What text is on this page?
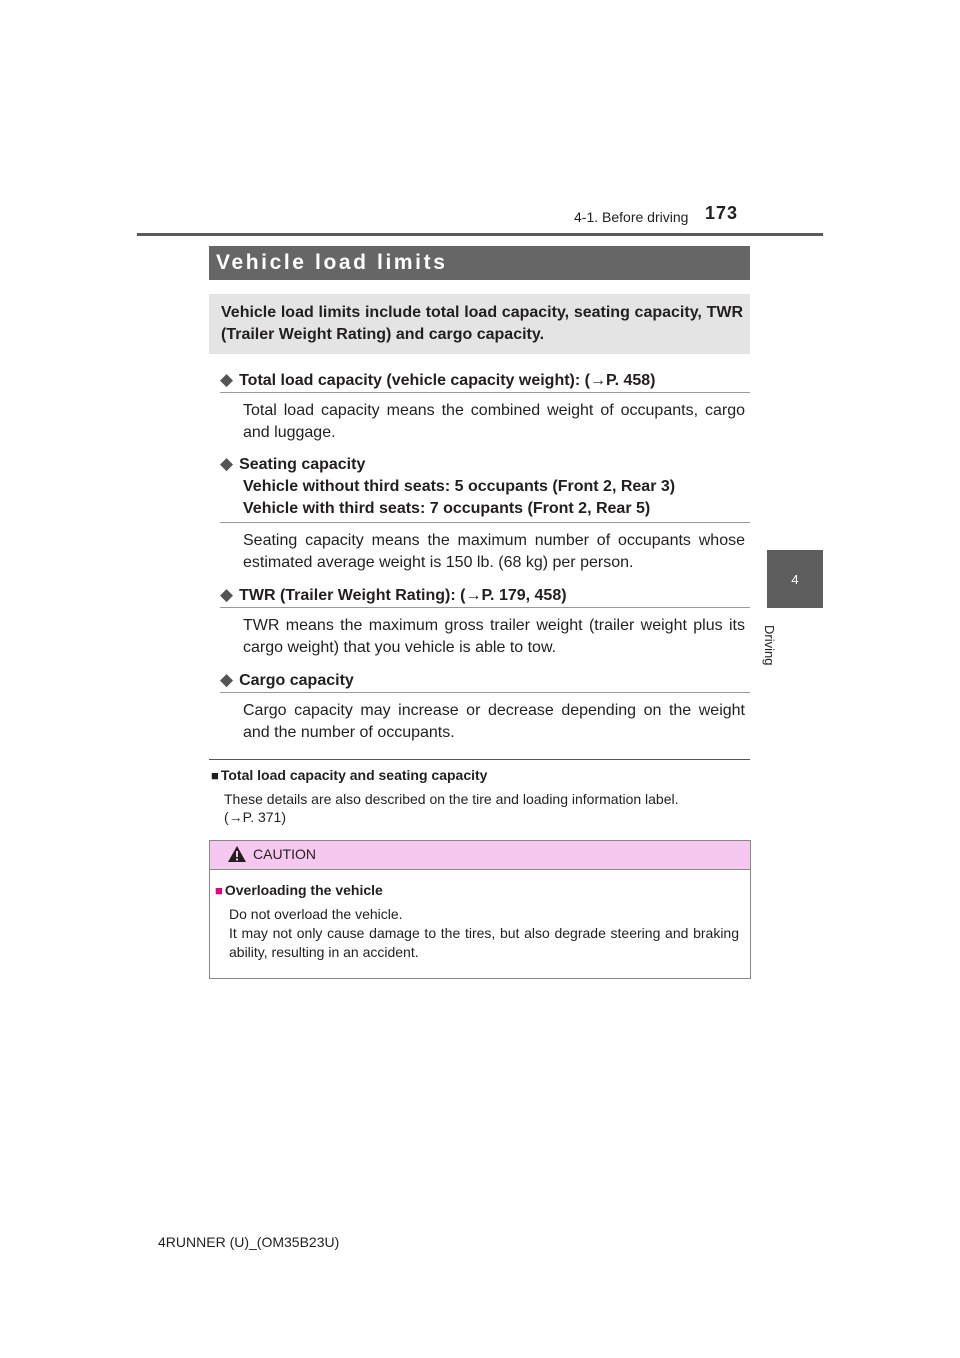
4-1. Before driving 173
4
Driving
Vehicle load limits
Vehicle load limits include total load capacity, seating capacity, TWR (Trailer Weight Rating) and cargo capacity.
◆ Total load capacity (vehicle capacity weight): (→P. 458)
Total load capacity means the combined weight of occupants, cargo and luggage.
◆ Seating capacity
Vehicle without third seats: 5 occupants (Front 2, Rear 3)
Vehicle with third seats: 7 occupants (Front 2, Rear 5)
Seating capacity means the maximum number of occupants whose estimated average weight is 150 lb. (68 kg) per person.
◆ TWR (Trailer Weight Rating): (→P. 179, 458)
TWR means the maximum gross trailer weight (trailer weight plus its cargo weight) that you vehicle is able to tow.
◆ Cargo capacity
Cargo capacity may increase or decrease depending on the weight and the number of occupants.
■ Total load capacity and seating capacity
These details are also described on the tire and loading information label.
(→P. 371)
CAUTION
■ Overloading the vehicle
Do not overload the vehicle.
It may not only cause damage to the tires, but also degrade steering and braking ability, resulting in an accident.
4RUNNER (U)_(OM35B23U)
